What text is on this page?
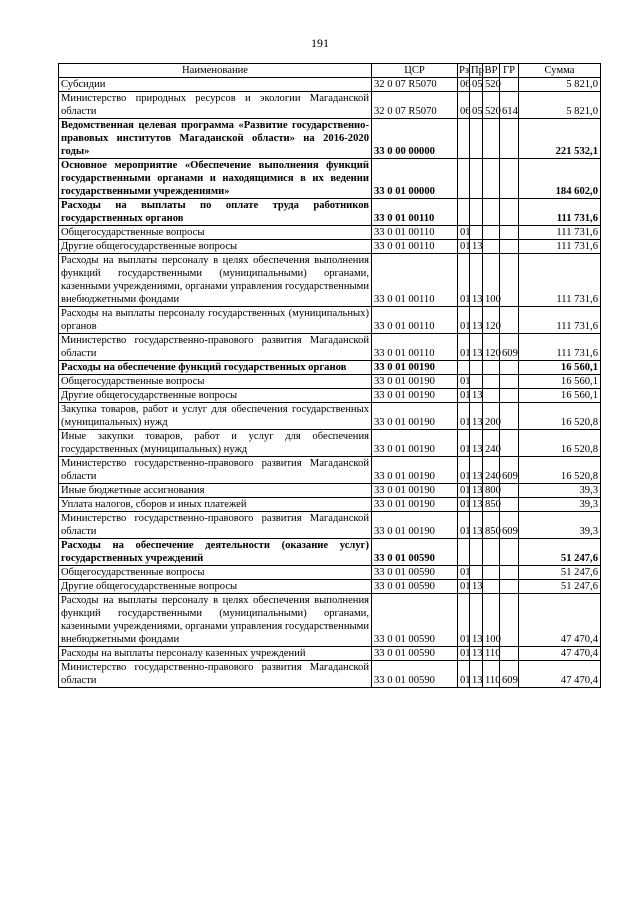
191
Наименование	ЦСР	Рз	Пр	ВР	ГР	Сумма
Субсидии	32 0 07 R5070	06	05	520		5 821,0
Министерство природных ресурсов и экологии Магаданской области	32 0 07 R5070	06	05	520	614	5 821,0
Ведомственная целевая программа «Развитие государственно-правовых институтов Магаданской области» на 2016-2020 годы»	33 0 00 00000					221 532,1
Основное мероприятие «Обеспечение выполнения функций государственными органами и находящимися в их ведении государственными учреждениями»	33 0 01 00000					184 602,0
Расходы на выплаты по оплате труда работников государственных органов	33 0 01 00110					111 731,6
Общегосударственные вопросы	33 0 01 00110	01				111 731,6
Другие общегосударственные вопросы	33 0 01 00110	01	13			111 731,6
Расходы на выплаты персоналу в целях обеспечения выполнения функций государственными (муниципальными) органами, казенными учреждениями, органами управления государственными внебюджетными фондами	33 0 01 00110	01	13	100		111 731,6
Расходы на выплаты персоналу государственных (муниципальных) органов	33 0 01 00110	01	13	120		111 731,6
Министерство государственно-правового развития Магаданской области	33 0 01 00110	01	13	120	609	111 731,6
Расходы на обеспечение функций государственных органов	33 0 01 00190					16 560,1
Общегосударственные вопросы	33 0 01 00190	01				16 560,1
Другие общегосударственные вопросы	33 0 01 00190	01	13			16 560,1
Закупка товаров, работ и услуг для обеспечения государственных (муниципальных) нужд	33 0 01 00190	01	13	200		16 520,8
Иные закупки товаров, работ и услуг для обеспечения государственных (муниципальных) нужд	33 0 01 00190	01	13	240		16 520,8
Министерство государственно-правового развития Магаданской области	33 0 01 00190	01	13	240	609	16 520,8
Иные бюджетные ассигнования	33 0 01 00190	01	13	800		39,3
Уплата налогов, сборов и иных платежей	33 0 01 00190	01	13	850		39,3
Министерство государственно-правового развития Магаданской области	33 0 01 00190	01	13	850	609	39,3
Расходы на обеспечение деятельности (оказание услуг) государственных учреждений	33 0 01 00590					51 247,6
Общегосударственные вопросы	33 0 01 00590	01				51 247,6
Другие общегосударственные вопросы	33 0 01 00590	01	13			51 247,6
Расходы на выплаты персоналу в целях обеспечения выполнения функций государственными (муниципальными) органами, казенными учреждениями, органами управления государственными внебюджетными фондами	33 0 01 00590	01	13	100		47 470,4
Расходы на выплаты персоналу казенных учреждений	33 0 01 00590	01	13	110		47 470,4
Министерство государственно-правового развития Магаданской области	33 0 01 00590	01	13	110	609	47 470,4
